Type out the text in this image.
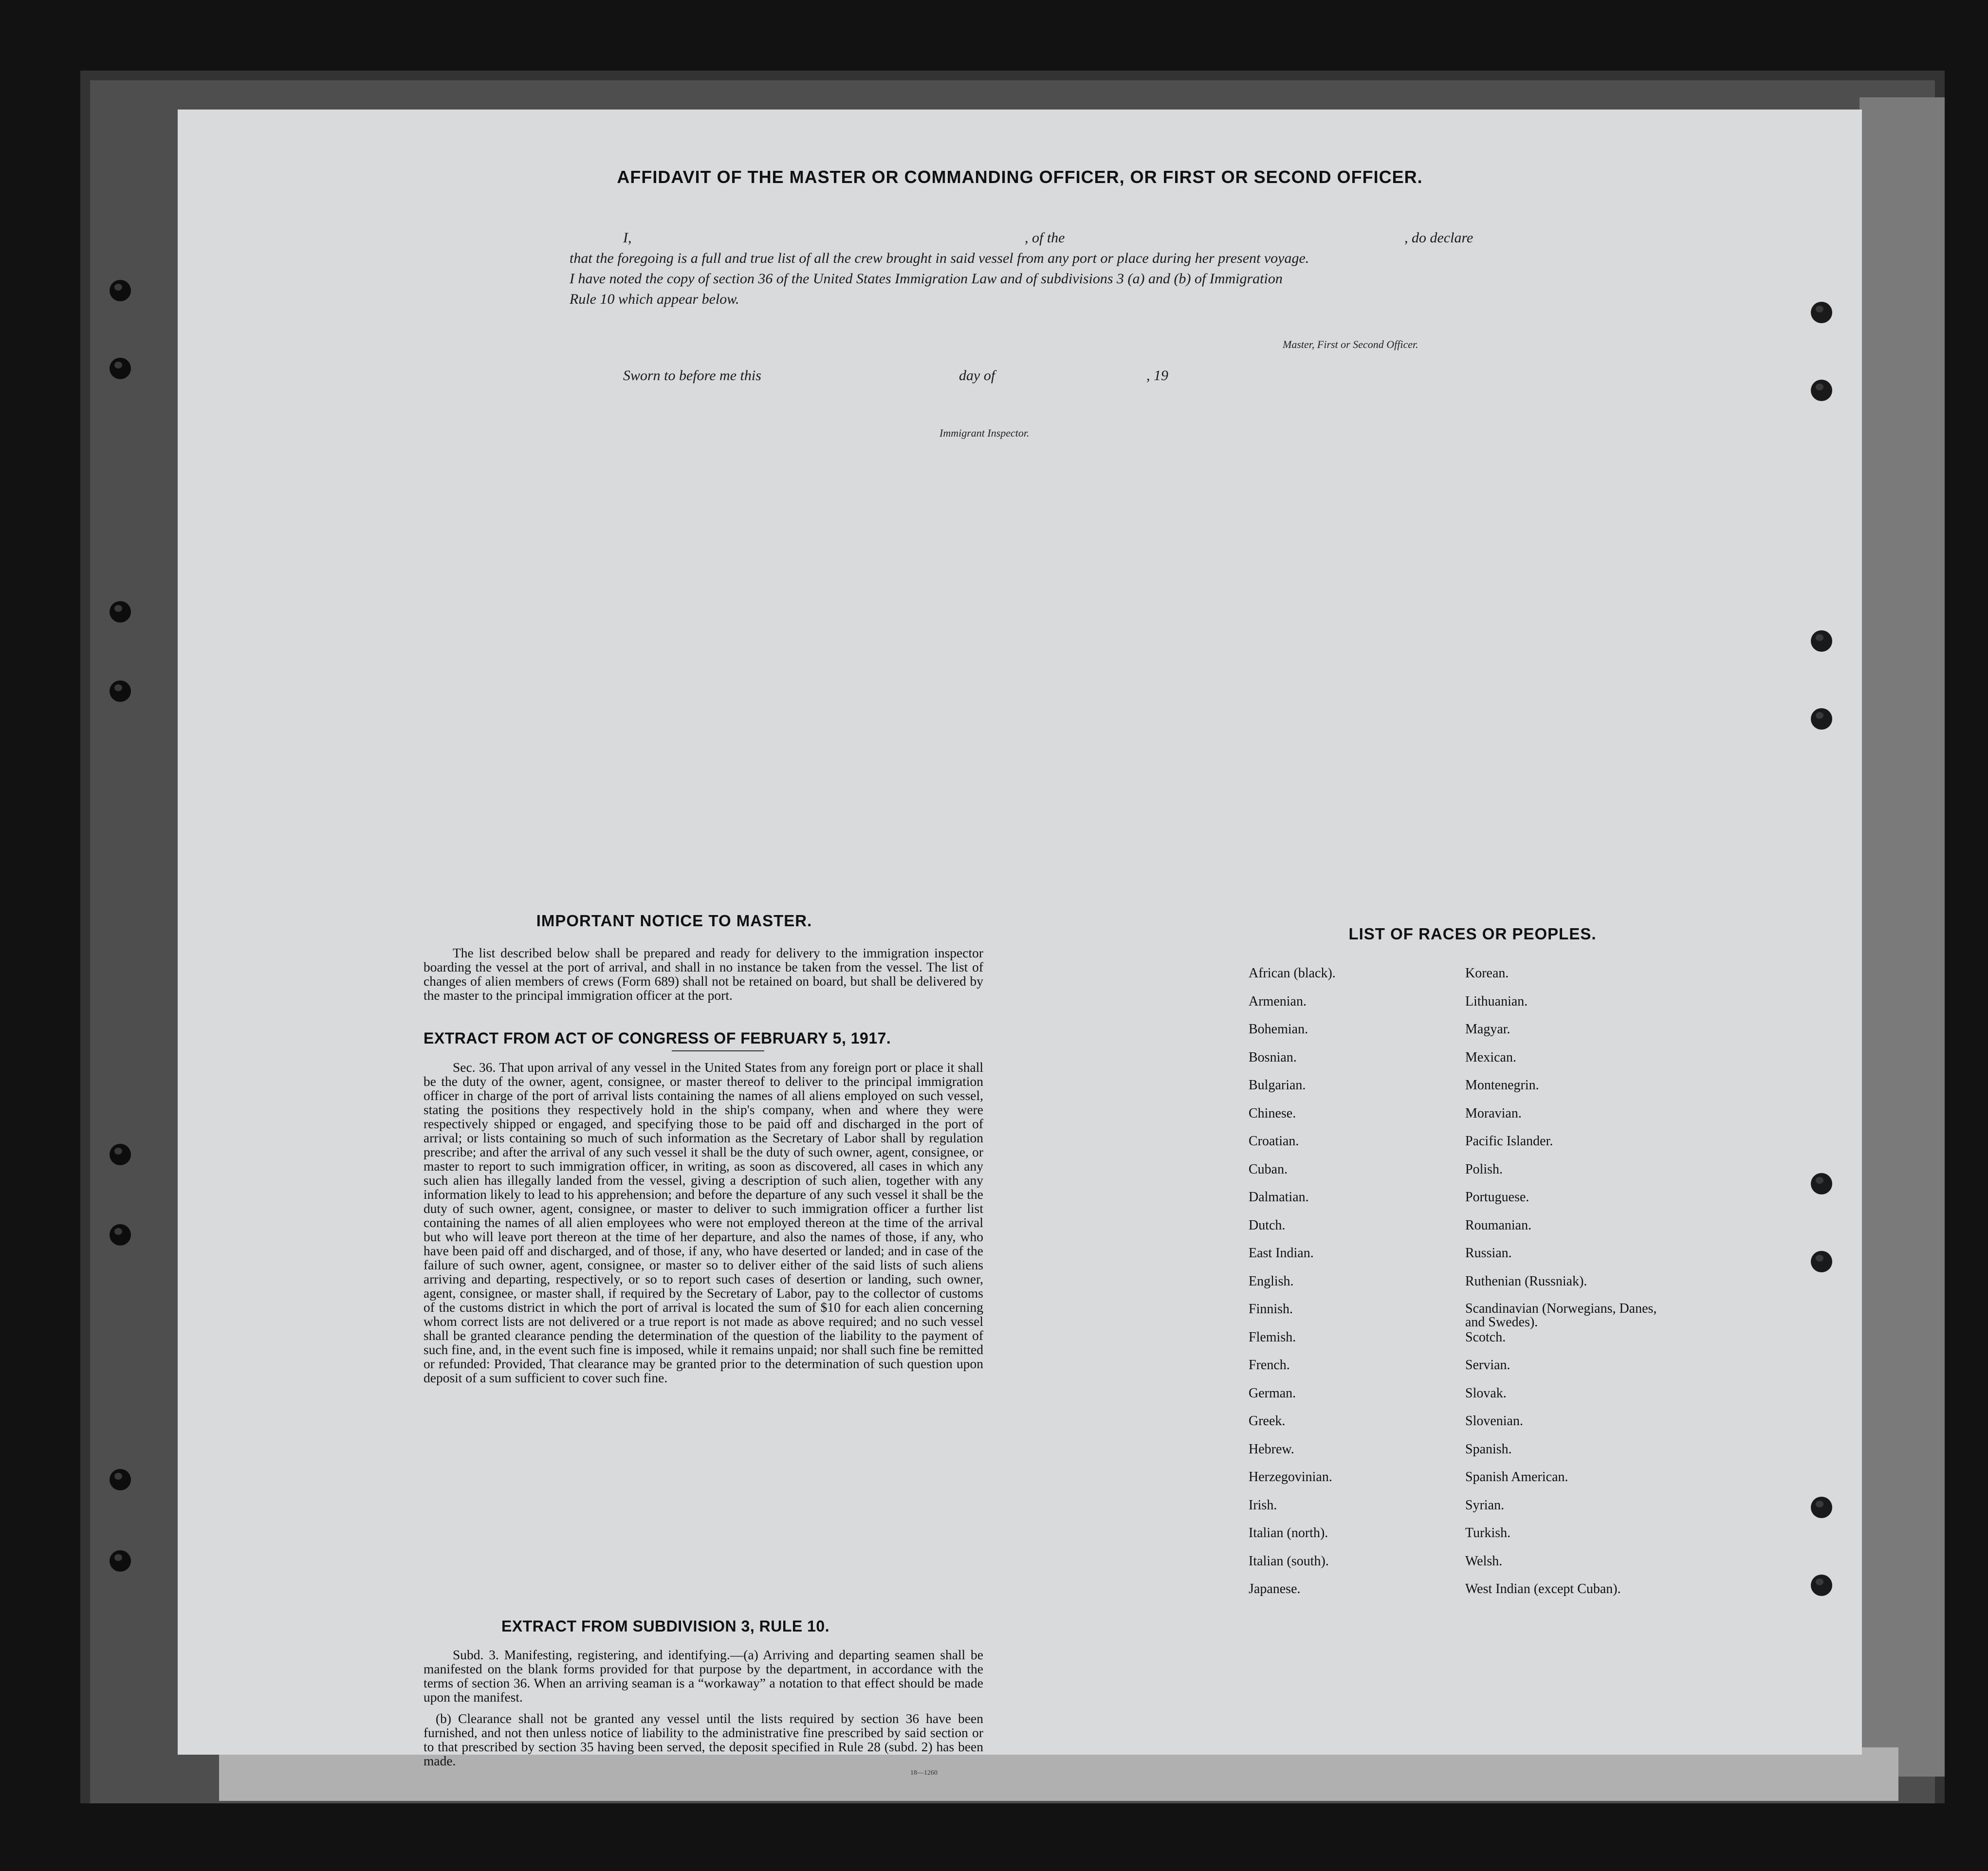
AFFIDAVIT OF THE MASTER OR COMMANDING OFFICER, OR FIRST OR SECOND OFFICER.
I,	, of the	, do declare
that the foregoing is a full and true list of all the crew brought in said vessel from any port or place during her present voyage.
I have noted the copy of section 36 of the United States Immigration Law and of subdivisions 3 (a) and (b) of Immigration
Rule 10 which appear below.
Master, First or Second Officer.
Sworn to before me this	day of	, 19
Immigrant Inspector.
IMPORTANT NOTICE TO MASTER.
The list described below shall be prepared and ready for delivery to the immigration inspector boarding the vessel at the port of arrival, and shall in no instance be taken from the vessel. The list of changes of alien members of crews (Form 689) shall not be retained on board, but shall be delivered by the master to the principal immigration officer at the port.
EXTRACT FROM ACT OF CONGRESS OF FEBRUARY 5, 1917.
Sec. 36. That upon arrival of any vessel in the United States from any foreign port or place it shall be the duty of the owner, agent, consignee, or master thereof to deliver to the principal immigration officer in charge of the port of arrival lists containing the names of all aliens employed on such vessel, stating the positions they respectively hold in the ship's company, when and where they were respectively shipped or engaged, and specifying those to be paid off and discharged in the port of arrival; or lists containing so much of such information as the Secretary of Labor shall by regulation prescribe; and after the arrival of any such vessel it shall be the duty of such owner, agent, consignee, or master to report to such immigration officer, in writing, as soon as discovered, all cases in which any such alien has illegally landed from the vessel, giving a description of such alien, together with any information likely to lead to his apprehension; and before the departure of any such vessel it shall be the duty of such owner, agent, consignee, or master to deliver to such immigration officer a further list containing the names of all alien employees who were not employed thereon at the time of the arrival but who will leave port thereon at the time of her departure, and also the names of those, if any, who have been paid off and discharged, and of those, if any, who have deserted or landed; and in case of the failure of such owner, agent, consignee, or master so to deliver either of the said lists of such aliens arriving and departing, respectively, or so to report such cases of desertion or landing, such owner, agent, consignee, or master shall, if required by the Secretary of Labor, pay to the collector of customs of the customs district in which the port of arrival is located the sum of $10 for each alien concerning whom correct lists are not delivered or a true report is not made as above required; and no such vessel shall be granted clearance pending the determination of the question of the liability to the payment of such fine, and, in the event such fine is imposed, while it remains unpaid; nor shall such fine be remitted or refunded: Provided, That clearance may be granted prior to the determination of such question upon deposit of a sum sufficient to cover such fine.
EXTRACT FROM SUBDIVISION 3, RULE 10.
Subd. 3. Manifesting, registering, and identifying.—(a) Arriving and departing seamen shall be manifested on the blank forms provided for that purpose by the department, in accordance with the terms of section 36. When an arriving seaman is a “workaway” a notation to that effect should be made upon the manifest.
(b) Clearance shall not be granted any vessel until the lists required by section 36 have been furnished, and not then unless notice of liability to the administrative fine prescribed by said section or to that prescribed by section 35 having been served, the deposit specified in Rule 28 (subd. 2) has been made.
18—1260
LIST OF RACES OR PEOPLES.
African (black).
Armenian.
Bohemian.
Bosnian.
Bulgarian.
Chinese.
Croatian.
Cuban.
Dalmatian.
Dutch.
East Indian.
English.
Finnish.
Flemish.
French.
German.
Greek.
Hebrew.
Herzegovinian.
Irish.
Italian (north).
Italian (south).
Japanese.
Korean.
Lithuanian.
Magyar.
Mexican.
Montenegrin.
Moravian.
Pacific Islander.
Polish.
Portuguese.
Roumanian.
Russian.
Ruthenian (Russniak).
Scandinavian (Norwegians, Danes, and Swedes).
Scotch.
Servian.
Slovak.
Slovenian.
Spanish.
Spanish American.
Syrian.
Turkish.
Welsh.
West Indian (except Cuban).
